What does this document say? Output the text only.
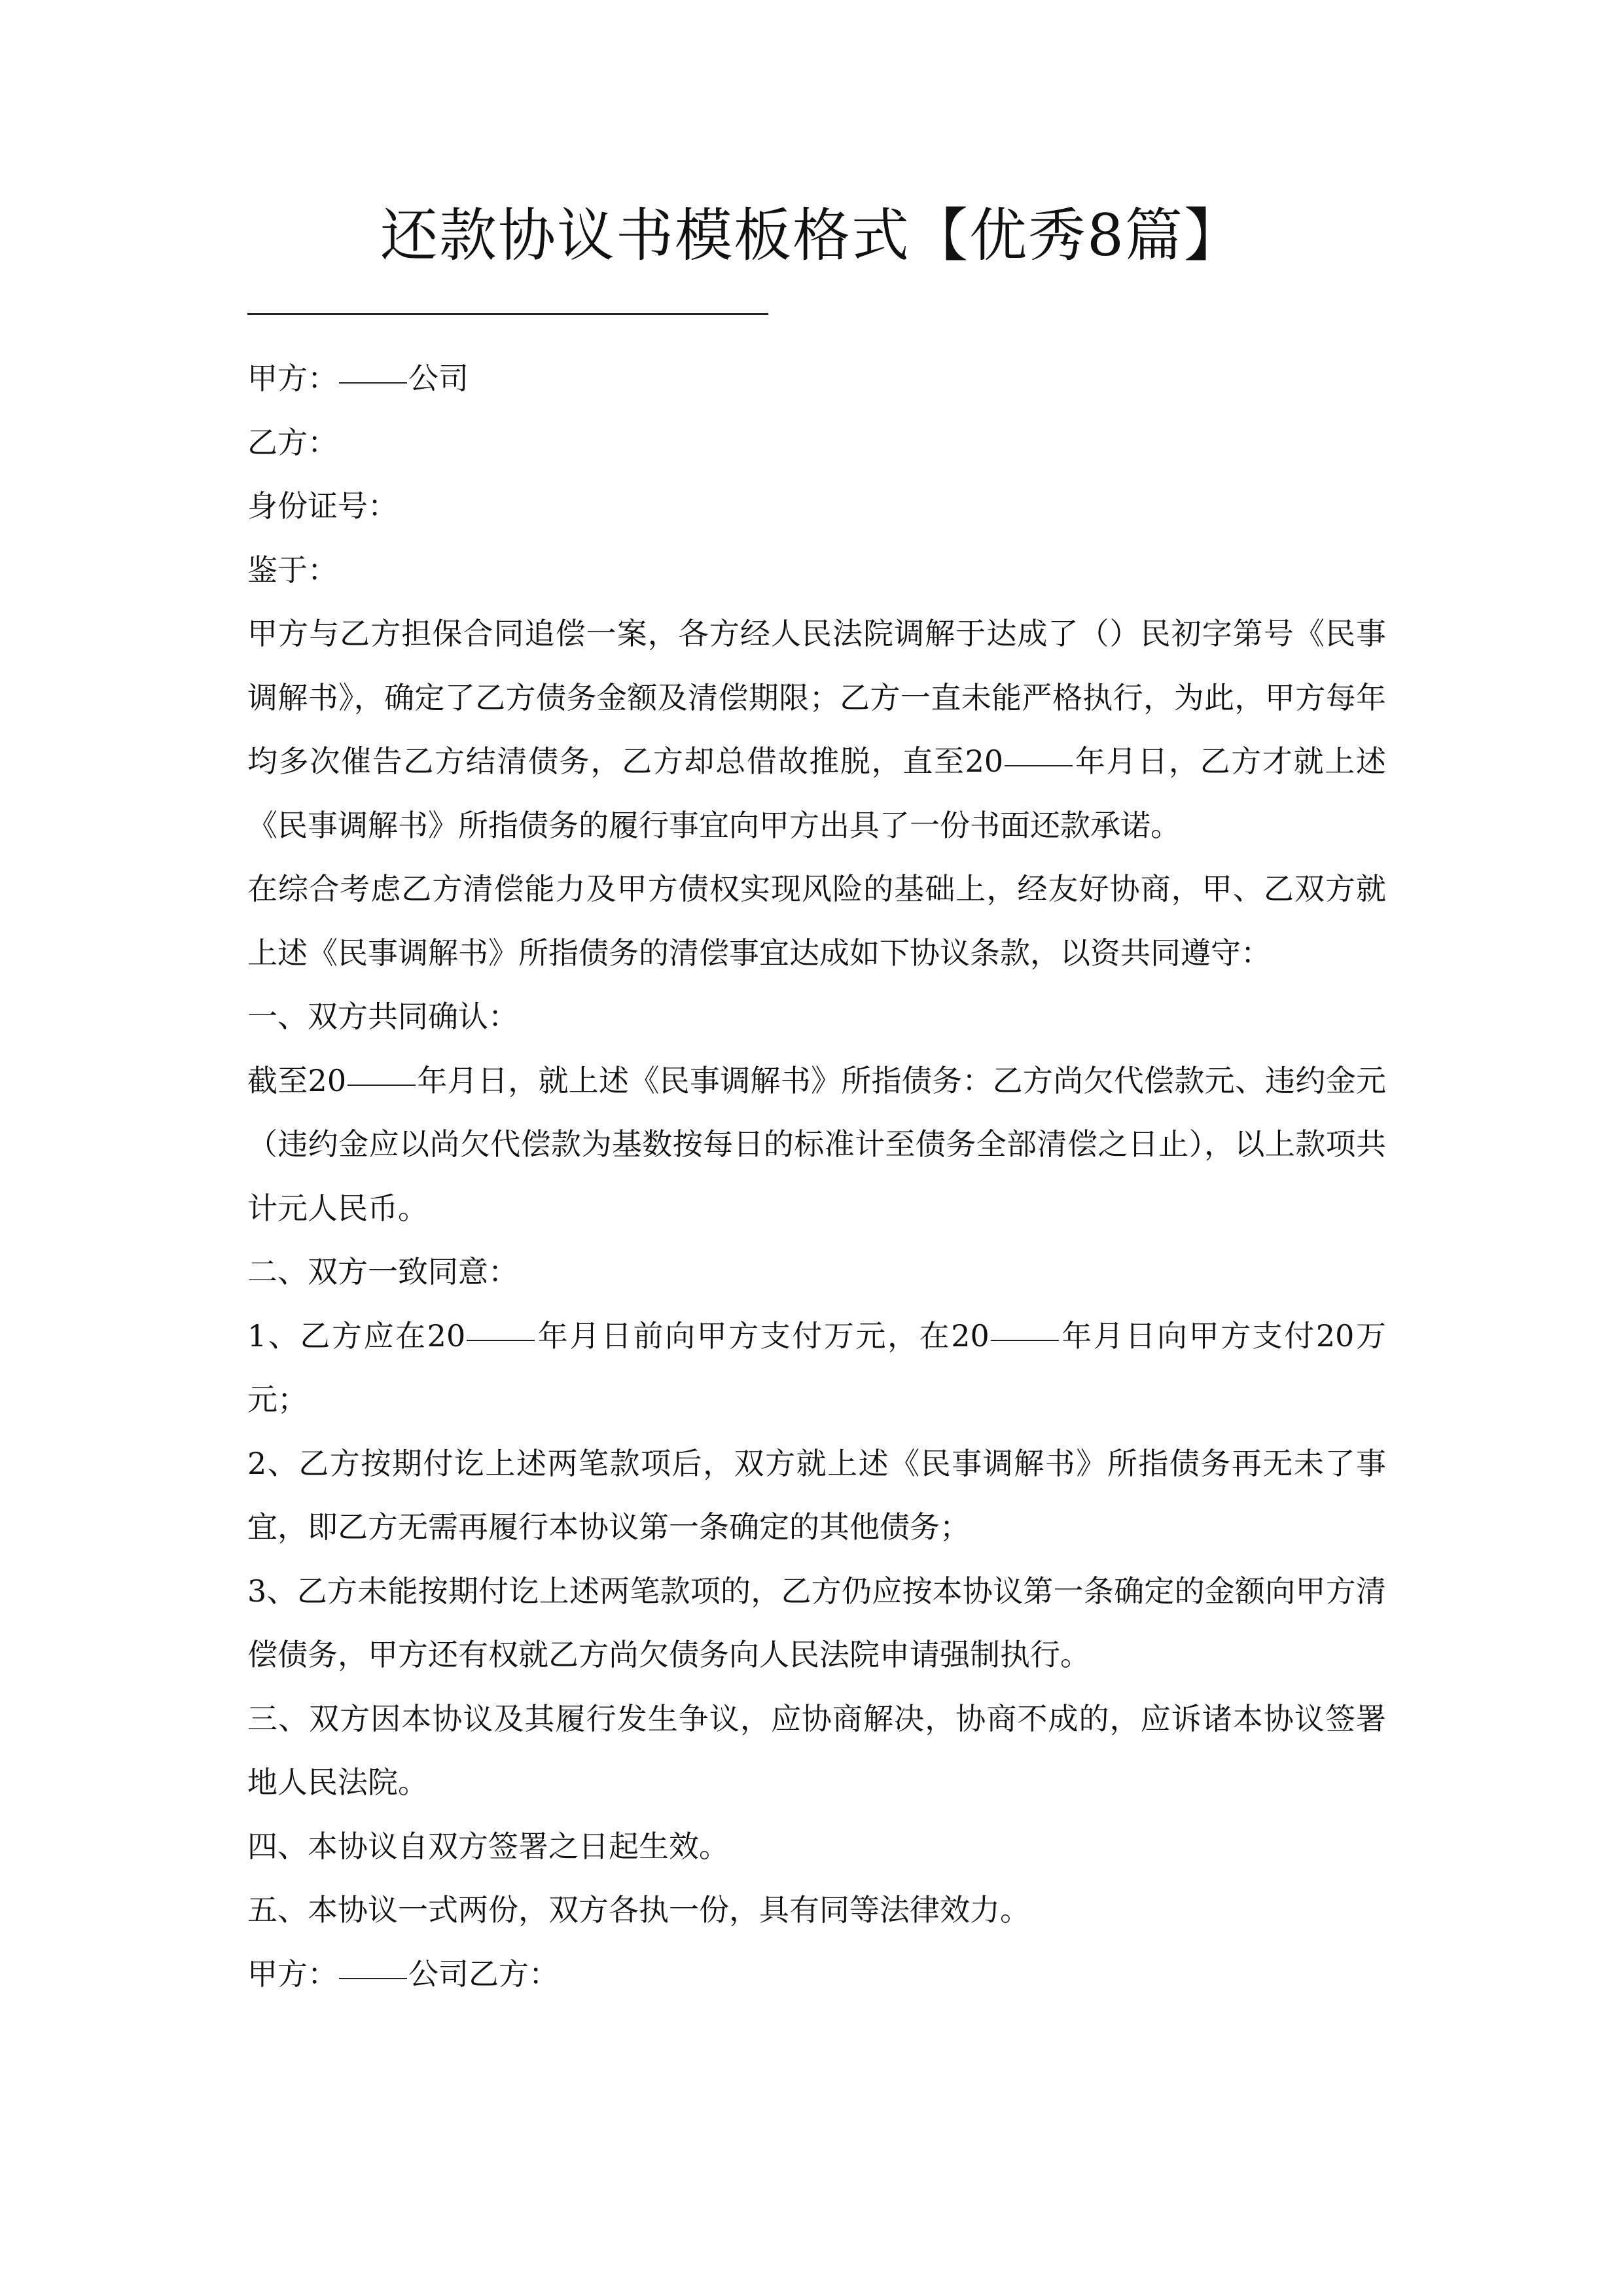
还款协议书模板格式【优秀8篇】

甲方： 公司

乙方：

身份证号：

鉴于：

甲方与乙方担保合同追偿一案，各方经人民法院调解于达成了（）民初字第号《民事调解书》，确定了乙方债务金额及清偿期限；乙方一直未能严格执行，为此，甲方每年均多次催告乙方结清债务，乙方却总借故推脱，直至20 年月日，乙方才就上述《民事调解书》所指债务的履行事宜向甲方出具了一份书面还款承诺。

在综合考虑乙方清偿能力及甲方债权实现风险的基础上，经友好协商，甲、乙双方就上述《民事调解书》所指债务的清偿事宜达成如下协议条款，以资共同遵守：

一、双方共同确认：

截至20 年月日，就上述《民事调解书》所指债务：乙方尚欠代偿款元、违约金元（违约金应以尚欠代偿款为基数按每日的标准计至债务全部清偿之日止），以上款项共计元人民币。

二、双方一致同意：

1、乙方应在20 年月日前向甲方支付万元，在20 年月日向甲方支付20万元；

2、乙方按期付讫上述两笔款项后，双方就上述《民事调解书》所指债务再无未了事宜，即乙方无需再履行本协议第一条确定的其他债务；

3、乙方未能按期付讫上述两笔款项的，乙方仍应按本协议第一条确定的金额向甲方清偿债务，甲方还有权就乙方尚欠债务向人民法院申请强制执行。

三、双方因本协议及其履行发生争议，应协商解决，协商不成的，应诉诸本协议签署地人民法院。

四、本协议自双方签署之日起生效。

五、本协议一式两份，双方各执一份，具有同等法律效力。

甲方： 公司乙方：
